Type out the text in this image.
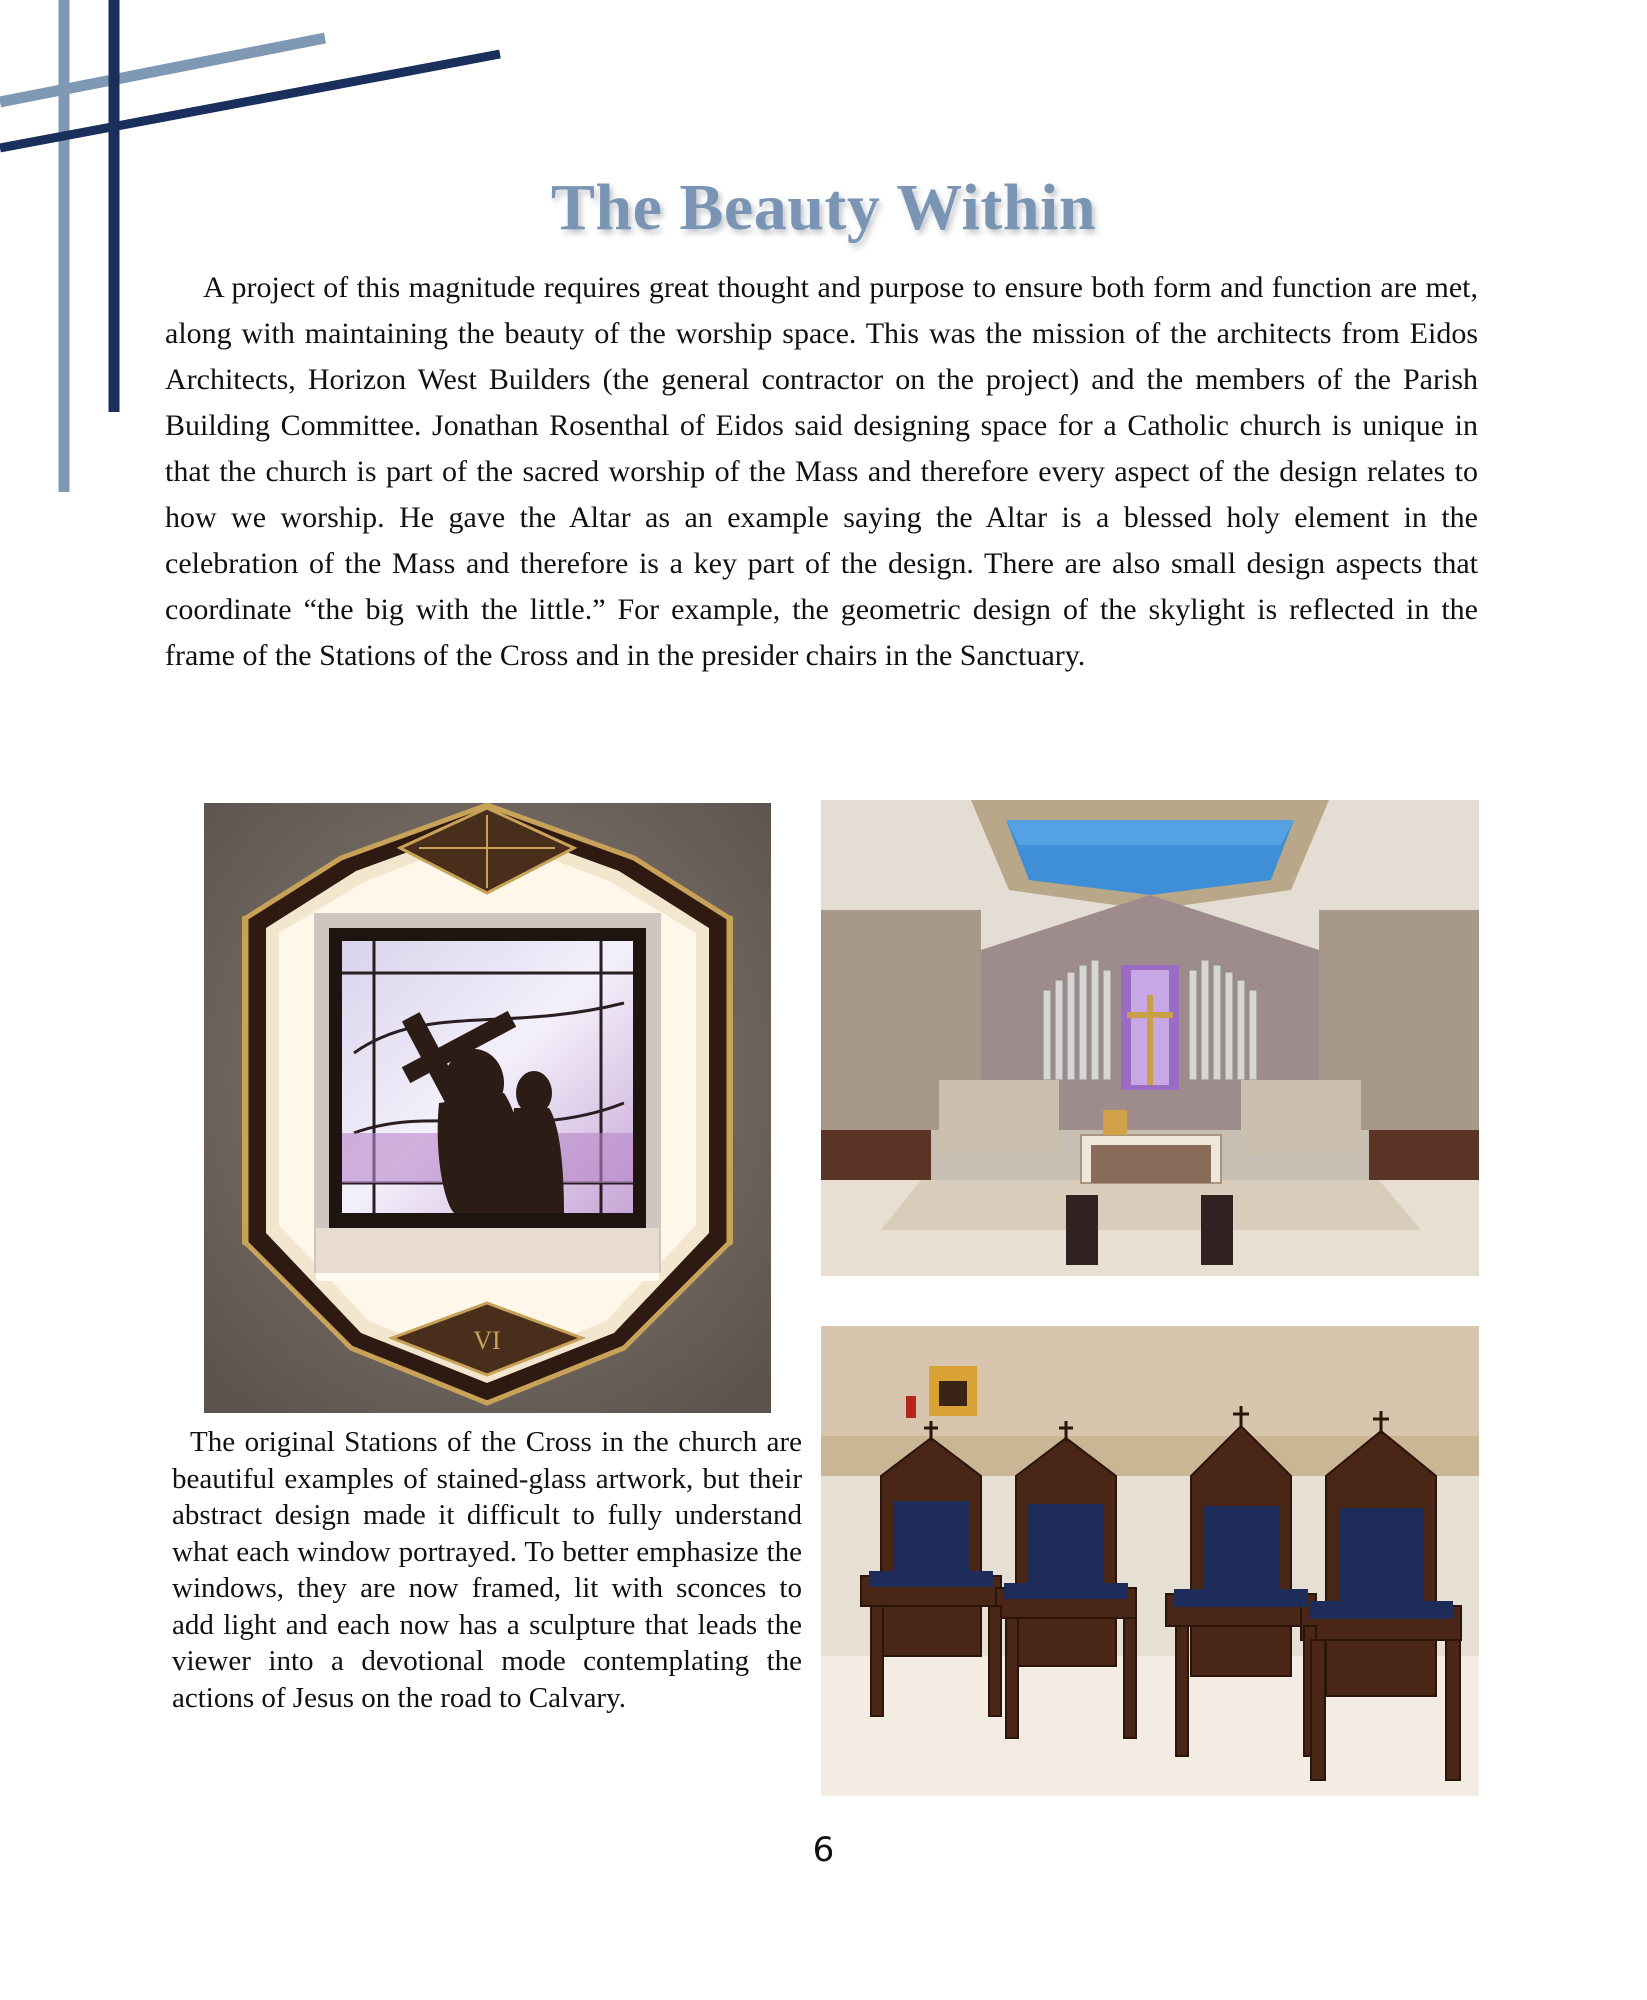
The Beauty Within

A project of this magnitude requires great thought and purpose to ensure both form and function are met, along with maintaining the beauty of the worship space. This was the mission of the architects from Eidos Architects, Horizon West Builders (the general contractor on the project) and the members of the Parish Building Committee. Jonathan Rosenthal of Eidos said designing space for a Catholic church is unique in that the church is part of the sacred worship of the Mass and therefore every aspect of the design relates to how we worship. He gave the Altar as an example saying the Altar is a blessed holy element in the celebration of the Mass and therefore is a key part of the design. There are also small design aspects that coordinate “the big with the little.” For example, the geometric design of the skylight is reflected in the frame of the Stations of the Cross and in the presider chairs in the Sanctuary.

VI

The original Stations of the Cross in the church are beautiful examples of stained-glass artwork, but their abstract design made it difficult to fully understand what each window portrayed. To better emphasize the windows, they are now framed, lit with sconces to add light and each now has a sculpture that leads the viewer into a devotional mode contemplating the actions of Jesus on the road to Calvary.

6
